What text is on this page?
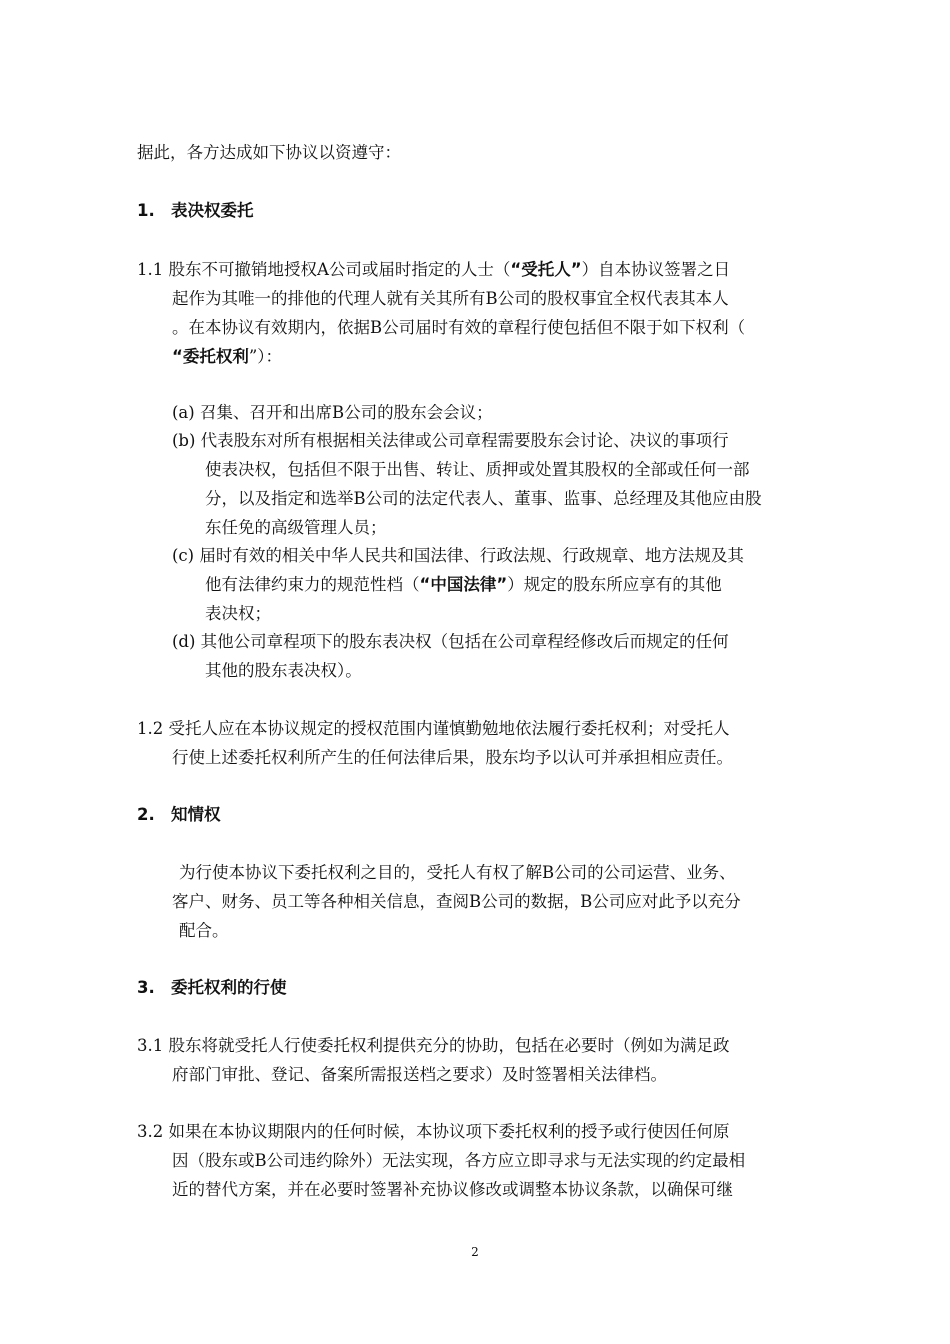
据此，各方达成如下协议以资遵守：
1. 表决权委托
1.1 股东不可撤销地授权A公司或届时指定的人士（“受托人”）自本协议签署之日
起作为其唯一的排他的代理人就有关其所有B公司的股权事宜全权代表其本人
。在本协议有效期内，依据B公司届时有效的章程行使包括但不限于如下权利（
“委托权利”）：
(a) 召集、召开和出席B公司的股东会会议；
(b) 代表股东对所有根据相关法律或公司章程需要股东会讨论、决议的事项行
使表决权，包括但不限于出售、转让、质押或处置其股权的全部或任何一部
分，以及指定和选举B公司的法定代表人、董事、监事、总经理及其他应由股
东任免的高级管理人员；
(c) 届时有效的相关中华人民共和国法律、行政法规、行政规章、地方法规及其
他有法律约束力的规范性档（“中国法律”）规定的股东所应享有的其他
表决权；
(d) 其他公司章程项下的股东表决权（包括在公司章程经修改后而规定的任何
其他的股东表决权）。
1.2 受托人应在本协议规定的授权范围内谨慎勤勉地依法履行委托权利；对受托人
行使上述委托权利所产生的任何法律后果，股东均予以认可并承担相应责任。
2. 知情权
为行使本协议下委托权利之目的，受托人有权了解B公司的公司运营、业务、
客户、财务、员工等各种相关信息，查阅B公司的数据，B公司应对此予以充分
配合。
3. 委托权利的行使
3.1 股东将就受托人行使委托权利提供充分的协助，包括在必要时（例如为满足政
府部门审批、登记、备案所需报送档之要求）及时签署相关法律档。
3.2 如果在本协议期限内的任何时候，本协议项下委托权利的授予或行使因任何原
因（股东或B公司违约除外）无法实现，各方应立即寻求与无法实现的约定最相
近的替代方案，并在必要时签署补充协议修改或调整本协议条款，以确保可继
2
